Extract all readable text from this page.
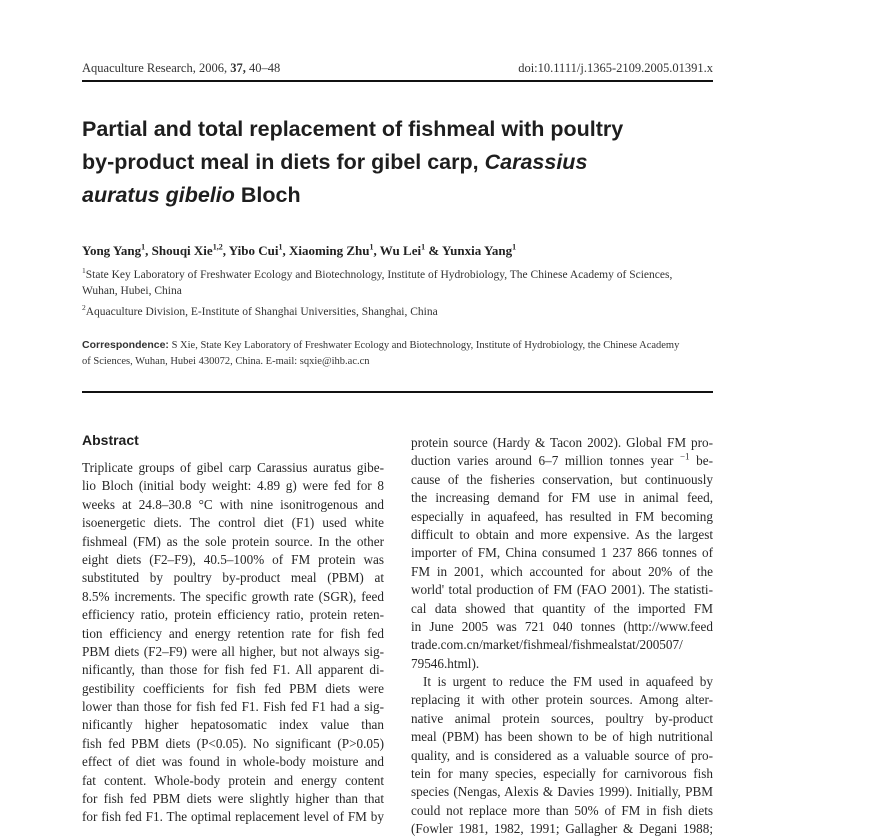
Aquaculture Research, 2006, 37, 40–48	doi:10.1111/j.1365-2109.2005.01391.x
Partial and total replacement of fishmeal with poultry
by-product meal in diets for gibel carp, Carassius
auratus gibelio Bloch
Yong Yang$^1$, Shouqi Xie$^{1,2}$, Yibo Cui$^1$, Xiaoming Zhu$^1$, Wu Lei$^1$ & Yunxia Yang$^1$
$^1$State Key Laboratory of Freshwater Ecology and Biotechnology, Institute of Hydrobiology, The Chinese Academy of Sciences,
Wuhan, Hubei, China
$^2$Aquaculture Division, E-Institute of Shanghai Universities, Shanghai, China
Correspondence: S Xie, State Key Laboratory of Freshwater Ecology and Biotechnology, Institute of Hydrobiology, the Chinese Academy
of Sciences, Wuhan, Hubei 430072, China. E-mail: sqxie@ihb.ac.cn
Abstract
Triplicate groups of gibel carp Carassius auratus gibe-
lio Bloch (initial body weight: 4.89 g) were fed for 8
weeks at 24.8–30.8 °C with nine isonitrogenous and
isoenergetic diets. The control diet (F1) used white
fishmeal (FM) as the sole protein source. In the other
eight diets (F2–F9), 40.5–100% of FM protein was
substituted by poultry by-product meal (PBM) at
8.5% increments. The specific growth rate (SGR), feed
efficiency ratio, protein efficiency ratio, protein reten-
tion efficiency and energy retention rate for fish fed
PBM diets (F2–F9) were all higher, but not always sig-
nificantly, than those for fish fed F1. All apparent di-
gestibility coefficients for fish fed PBM diets were
lower than those for fish fed F1. Fish fed F1 had a sig-
nificantly higher hepatosomatic index value than
fish fed PBM diets (P<0.05). No significant (P>0.05)
effect of diet was found in whole-body moisture and
fat content. Whole-body protein and energy content
for fish fed PBM diets were slightly higher than that
for fish fed F1. The optimal replacement level of FM by
protein source (Hardy & Tacon 2002). Global FM pro-
duction varies around 6–7 million tonnes year $^{-1}$ be-
cause of the fisheries conservation, but continuously
the increasing demand for FM use in animal feed,
especially in aquafeed, has resulted in FM becoming
difficult to obtain and more expensive. As the largest
importer of FM, China consumed 1 237 866 tonnes of
FM in 2001, which accounted for about 20% of the
world' total production of FM (FAO 2001). The statisti-
cal data showed that quantity of the imported FM
in June 2005 was 721 040 tonnes (http://www.feed
trade.com.cn/market/fishmeal/fishmealstat/200507/
79546.html).
It is urgent to reduce the FM used in aquafeed by
replacing it with other protein sources. Among alter-
native animal protein sources, poultry by-product
meal (PBM) has been shown to be of high nutritional
quality, and is considered as a valuable source of pro-
tein for many species, especially for carnivorous fish
species (Nengas, Alexis & Davies 1999). Initially, PBM
could not replace more than 50% of FM in fish diets
(Fowler 1981, 1982, 1991; Gallagher & Degani 1988;
